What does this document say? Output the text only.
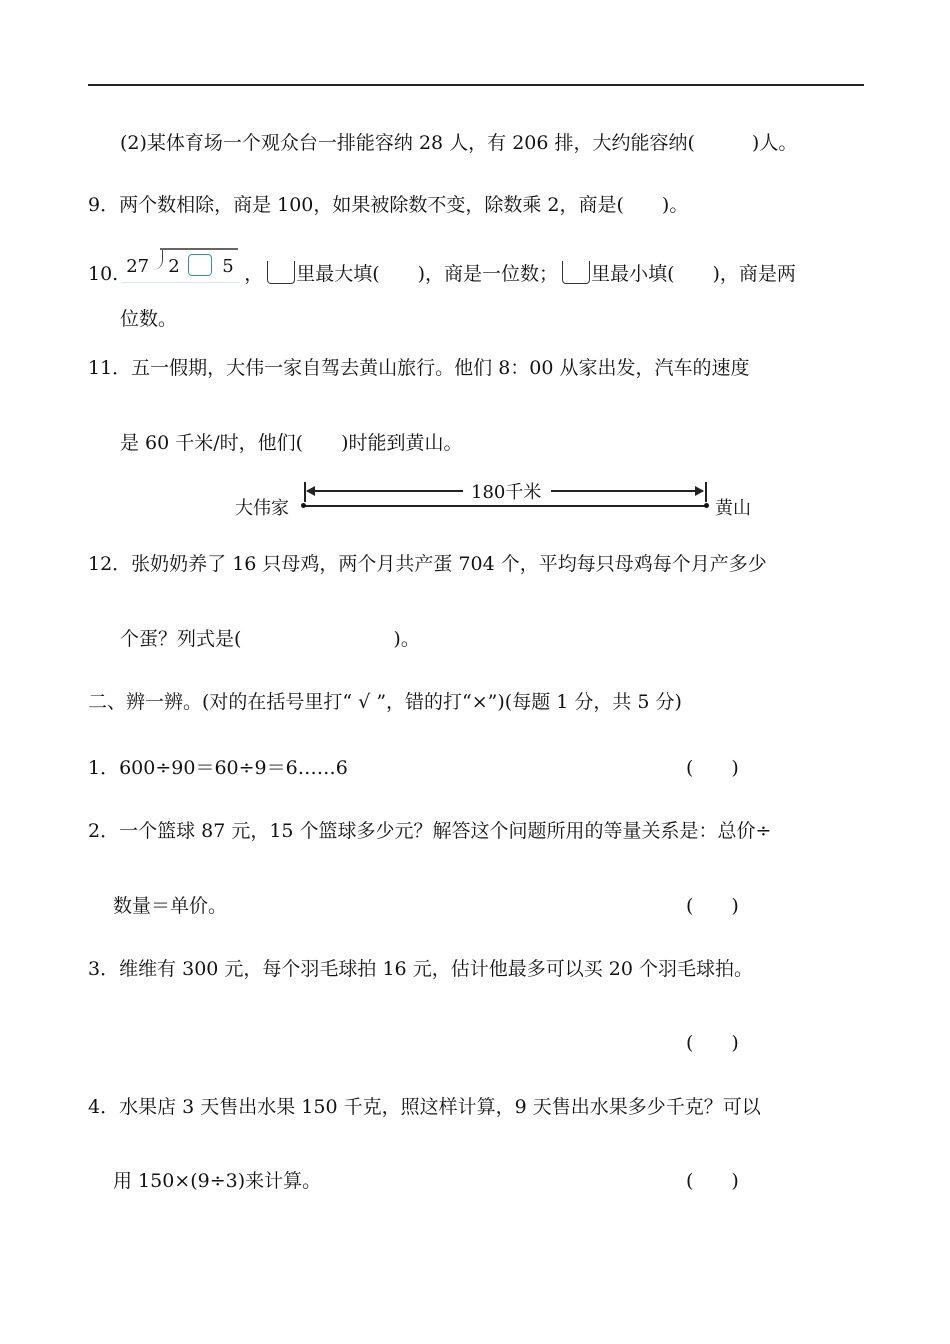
(2)某体育场一个观众台一排能容纳 28 人，有 206 排，大约能容纳(　　　)人。
9．两个数相除，商是 100，如果被除数不变，除数乘 2，商是(　　)。
10. 27 2 5 ， 里最大填(　　)，商是一位数； 里最小填(　　)，商是两
位数。
11．五一假期，大伟一家自驾去黄山旅行。他们 8：00 从家出发，汽车的速度
是 60 千米/时，他们(　　)时能到黄山。
大伟家
180千米
黄山
12．张奶奶养了 16 只母鸡，两个月共产蛋 704 个，平均每只母鸡每个月产多少
个蛋？列式是(　　　　　　　　)。
二、辨一辨。(对的在括号里打“ √ ”，错的打“×”)(每题 1 分，共 5 分)
1．600÷90＝60÷9＝6……6	(　　)
2．一个篮球 87 元，15 个篮球多少元？解答这个问题所用的等量关系是：总价÷
数量＝单价。	(　　)
3．维维有 300 元，每个羽毛球拍 16 元，估计他最多可以买 20 个羽毛球拍。
(　　)
4．水果店 3 天售出水果 150 千克，照这样计算，9 天售出水果多少千克？可以
用 150×(9÷3)来计算。	(　　)
